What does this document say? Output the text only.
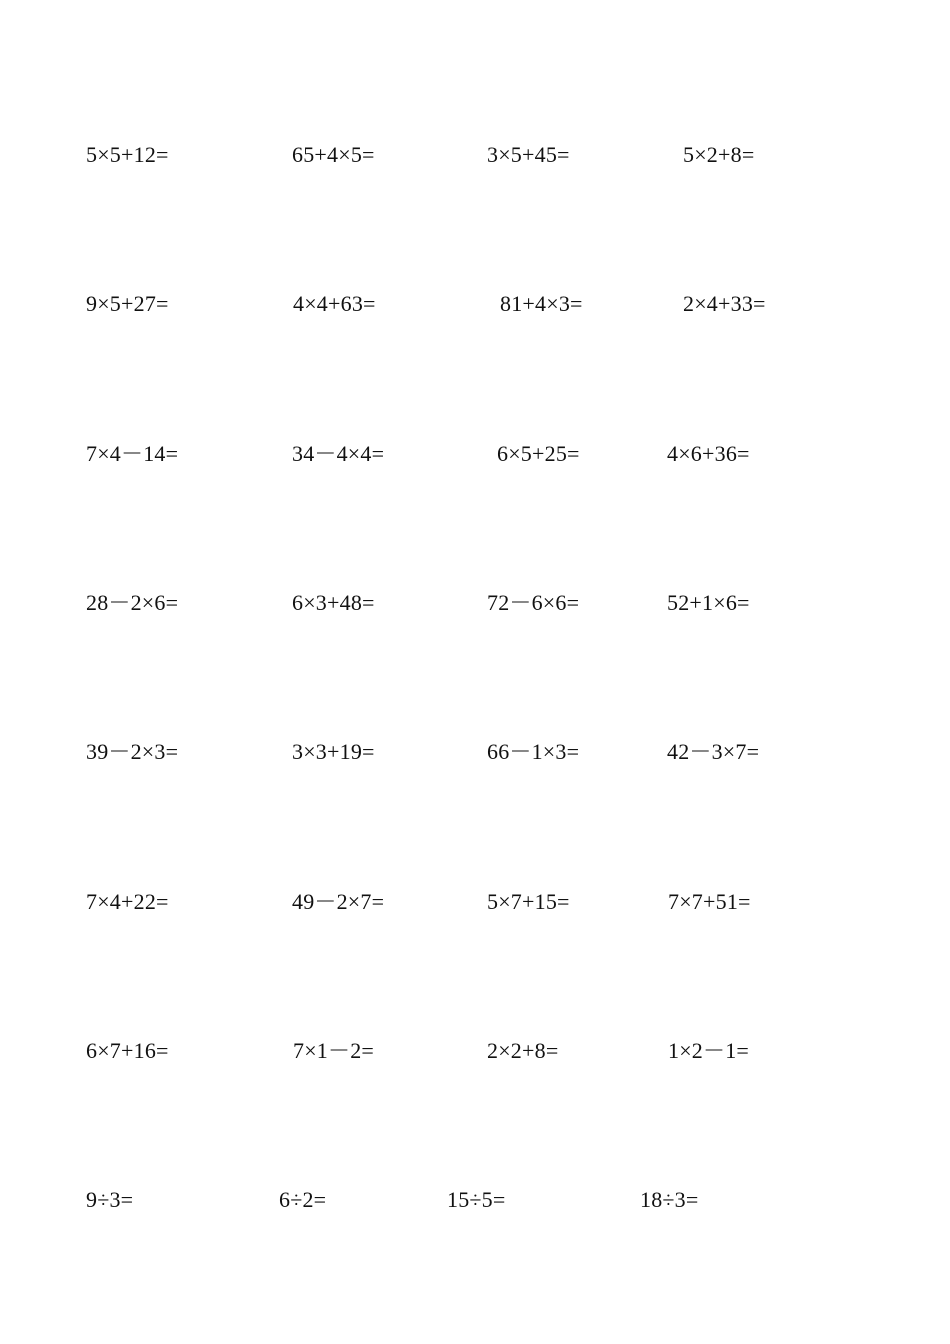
5×5+12=	65+4×5=	3×5+45=	5×2+8=
9×5+27=	4×4+63=	81+4×3=	2×4+33=
7×4－14=	34－4×4=	6×5+25=	4×6+36=
28－2×6=	6×3+48=	72－6×6=	52+1×6=
39－2×3=	3×3+19=	66－1×3=	42－3×7=
7×4+22=	49－2×7=	5×7+15=	7×7+51=
6×7+16=	7×1－2=	2×2+8=	1×2－1=
9÷3=	6÷2=	15÷5=	18÷3=
